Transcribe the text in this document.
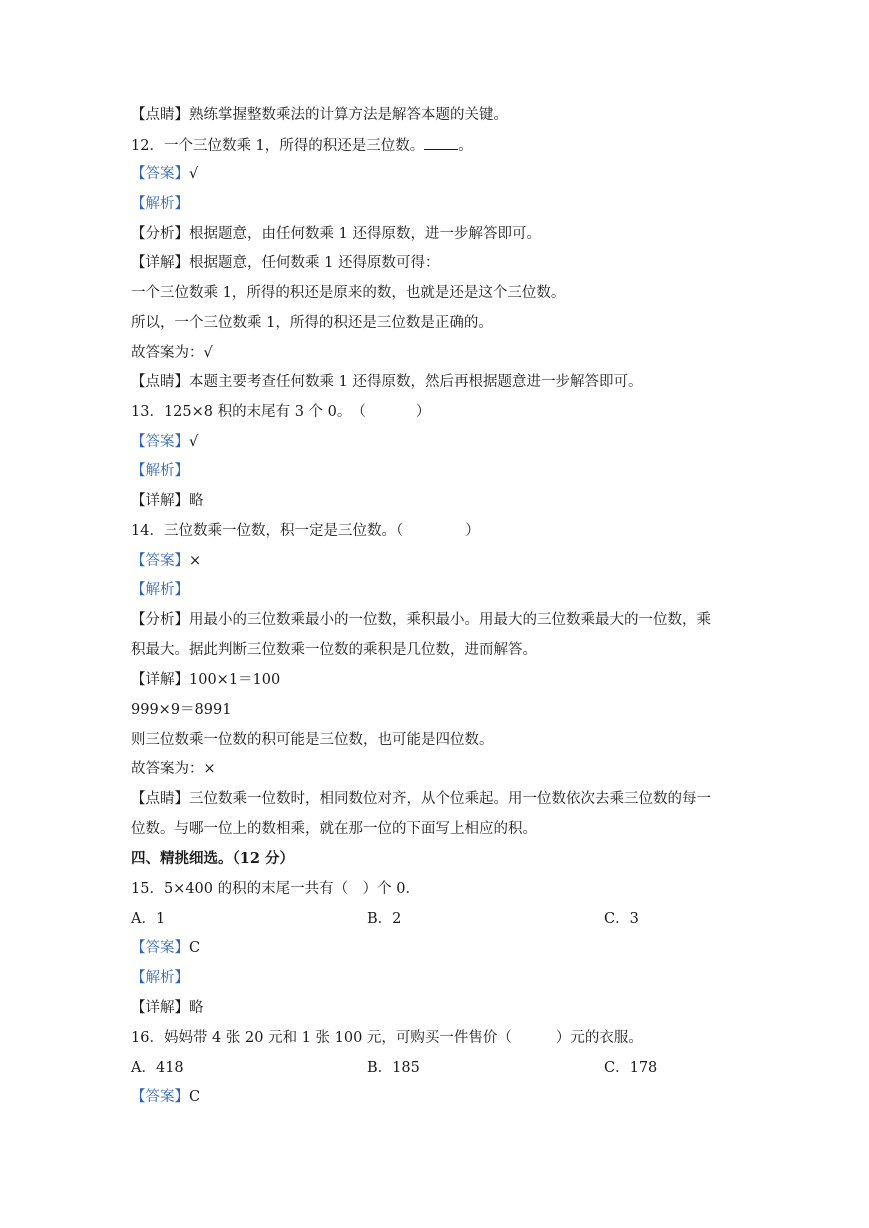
【点睛】熟练掌握整数乘法的计算方法是解答本题的关键。
12．一个三位数乘 1，所得的积还是三位数。 。
【答案】√
【解析】
【分析】根据题意，由任何数乘 1 还得原数，进一步解答即可。
【详解】根据题意，任何数乘 1 还得原数可得：
一个三位数乘 1，所得的积还是原来的数，也就是还是这个三位数。
所以，一个三位数乘 1，所得的积还是三位数是正确的。
故答案为：√
【点睛】本题主要考查任何数乘 1 还得原数，然后再根据题意进一步解答即可。
13．125×8 积的末尾有 3 个 0。　（	）
【答案】√
【解析】
【详解】略
14．三位数乘一位数，积一定是三位数。（	）
【答案】×
【解析】
【分析】用最小的三位数乘最小的一位数，乘积最小。用最大的三位数乘最大的一位数，乘
积最大。据此判断三位数乘一位数的乘积是几位数，进而解答。
【详解】100×1＝100
999×9＝8991
则三位数乘一位数的积可能是三位数，也可能是四位数。
故答案为：×
【点睛】三位数乘一位数时，相同数位对齐，从个位乘起。用一位数依次去乘三位数的每一
位数。与哪一位上的数相乘，就在那一位的下面写上相应的积。
四、精挑细选。（12 分）
15．5×400 的积的末尾一共有（　）个 0．
A．1	B．2	C．3
【答案】C
【解析】
【详解】略
16．妈妈带 4 张 20 元和 1 张 100 元，可购买一件售价（	）元的衣服。
A．418	B．185	C．178
【答案】C
